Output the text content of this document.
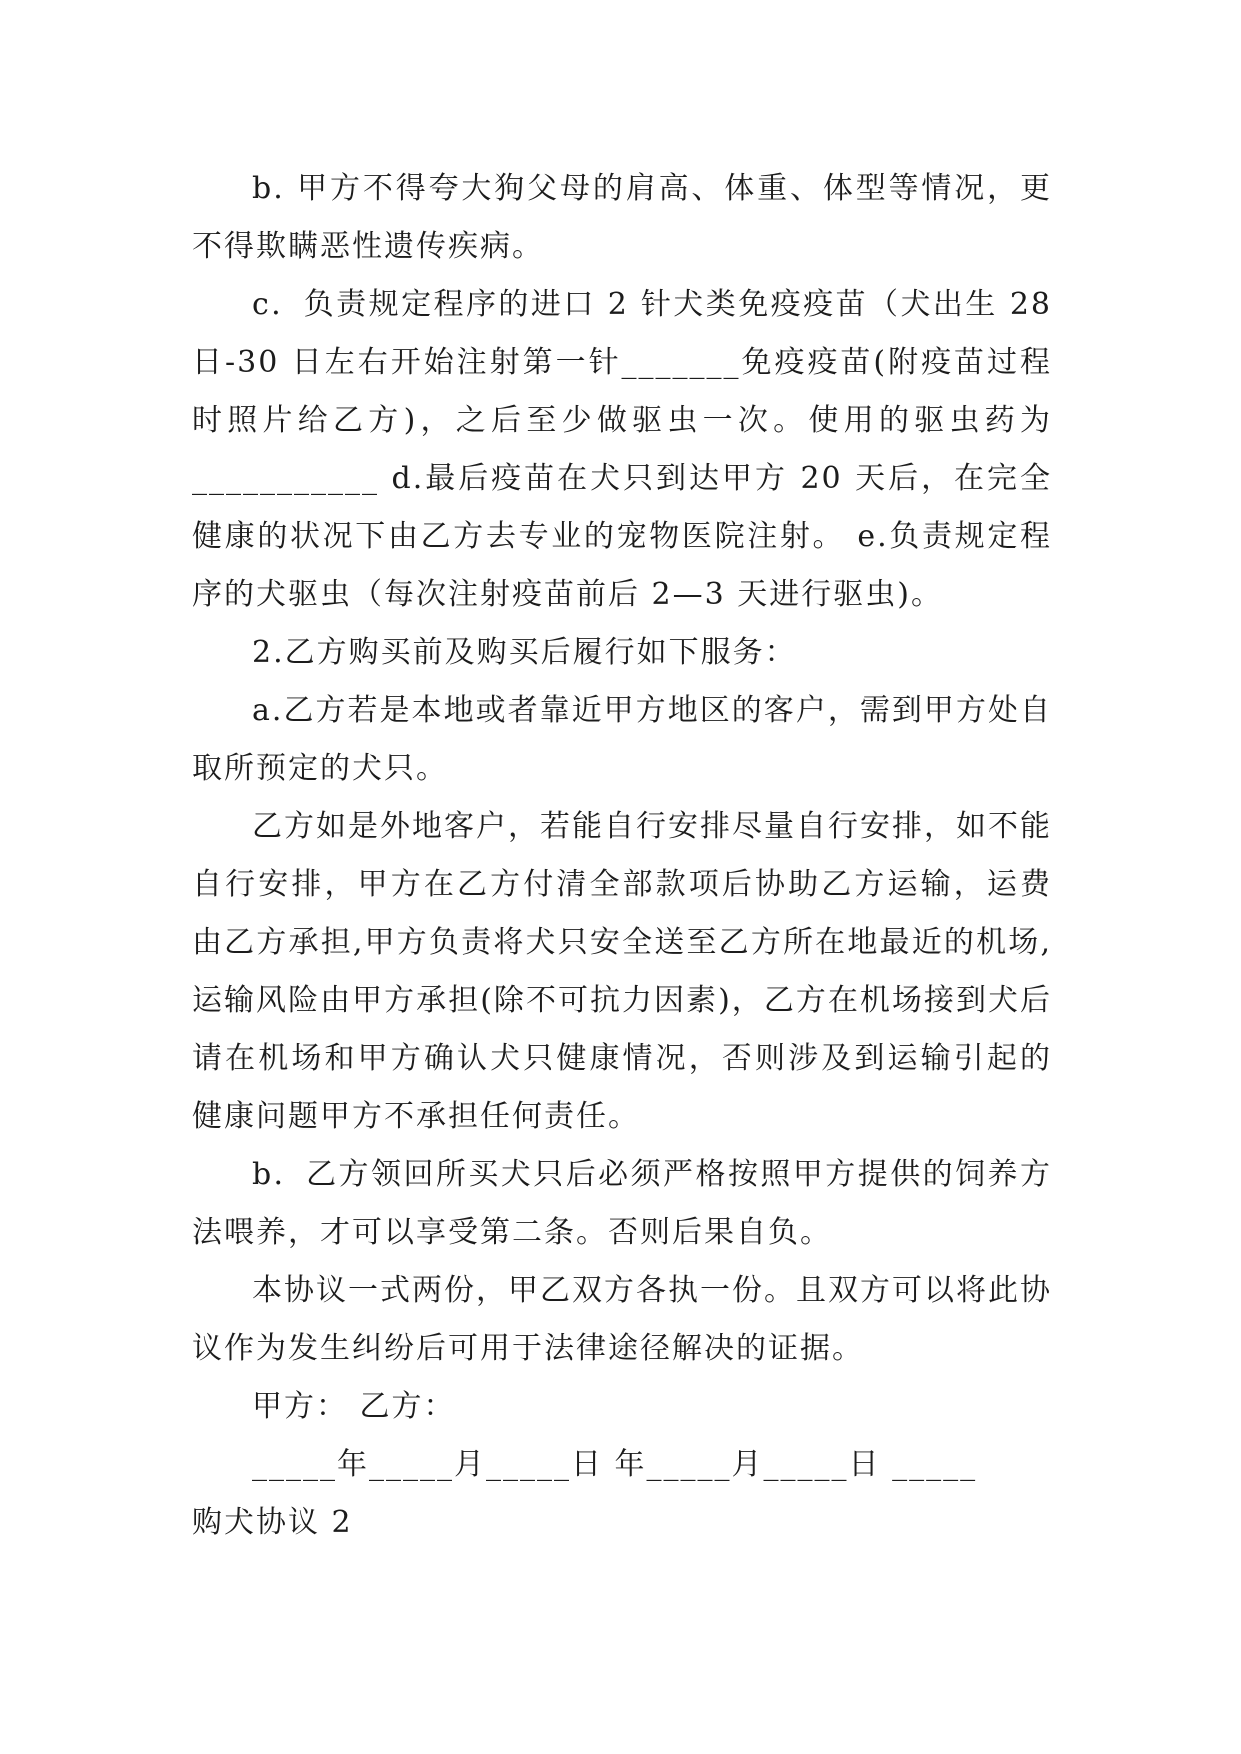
b. 甲方不得夸大狗父母的肩高、体重、体型等情况，更不得欺瞒恶性遗传疾病。

c．负责规定程序的进口 2 针犬类免疫疫苗（犬出生 28 日-30 日左右开始注射第一针_______免疫疫苗(附疫苗过程时照片给乙方)，之后至少做驱虫一次。使用的驱虫药为___________ d.最后疫苗在犬只到达甲方 20 天后，在完全健康的状况下由乙方去专业的宠物医院注射。 e.负责规定程序的犬驱虫（每次注射疫苗前后 2—3 天进行驱虫)。

2.乙方购买前及购买后履行如下服务：

a.乙方若是本地或者靠近甲方地区的客户，需到甲方处自取所预定的犬只。

乙方如是外地客户，若能自行安排尽量自行安排，如不能自行安排，甲方在乙方付清全部款项后协助乙方运输，运费由乙方承担,甲方负责将犬只安全送至乙方所在地最近的机场,运输风险由甲方承担(除不可抗力因素)，乙方在机场接到犬后请在机场和甲方确认犬只健康情况，否则涉及到运输引起的健康问题甲方不承担任何责任。

b．乙方领回所买犬只后必须严格按照甲方提供的饲养方法喂养，才可以享受第二条。否则后果自负。

本协议一式两份，甲乙双方各执一份。且双方可以将此协议作为发生纠纷后可用于法律途径解决的证据。

甲方： 乙方：

_____年_____月_____日 年_____月_____日 _____

购犬协议 2
